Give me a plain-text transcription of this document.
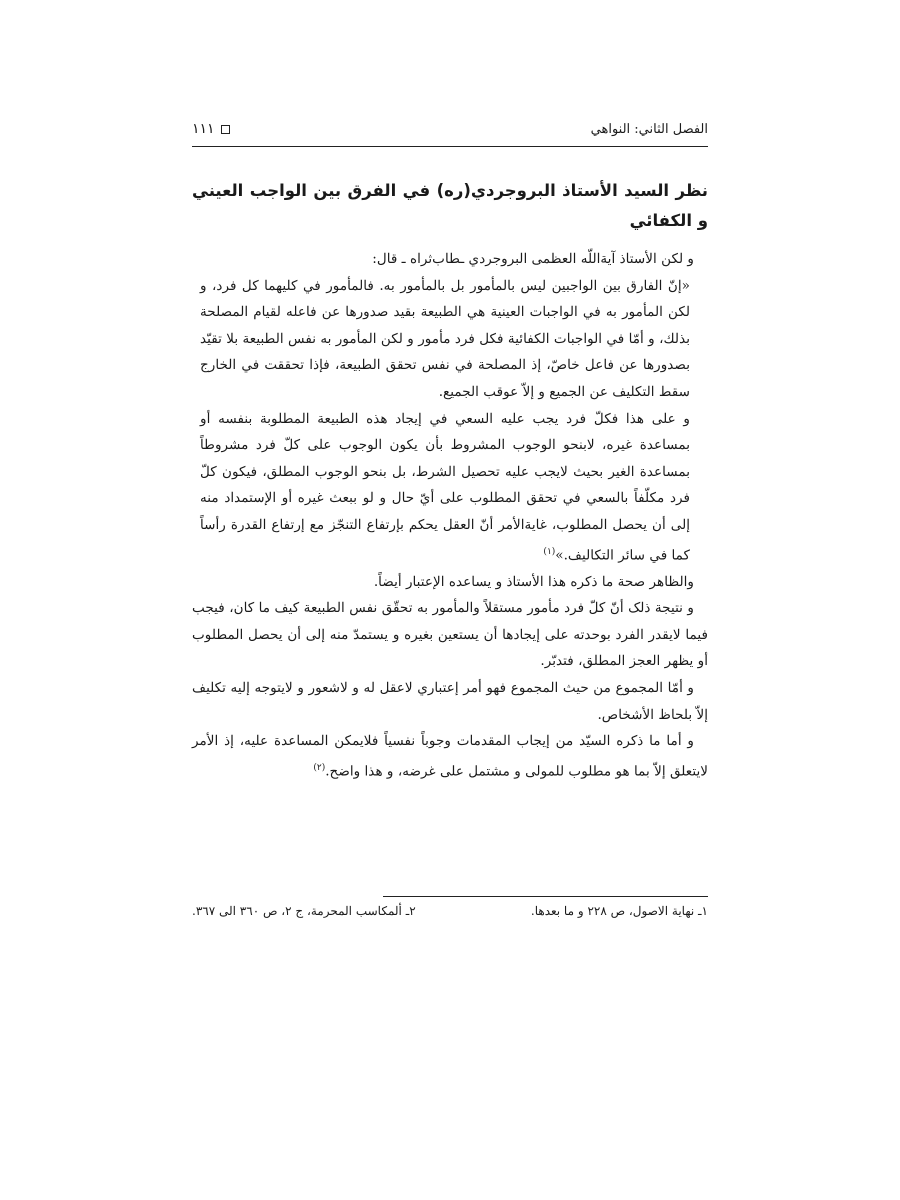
الفصل الثاني: النواهي
١١١
نظر السيد الأستاذ البروجردي(ره) في الفرق بين الواجب العيني و الكفائي

و لكن الأستاذ آيةاللّه العظمى البروجردي ـطاب‌ثراه ـ قال:

«إنّ الفارق بين الواجبين ليس بالمأمور بل بالمأمور به. فالمأمور في كليهما كل فرد، و لكن المأمور به في الواجبات العينية هي الطبيعة بقيد صدورها عن فاعله لقيام المصلحة بذلك، و أمّا في الواجبات الكفائية فكل فرد مأمور و لكن المأمور به نفس الطبيعة بلا تقيّد بصدورها عن فاعل خاصّ، إذ المصلحة في نفس تحقق الطبيعة، فإذا تحققت في الخارج سقط التكليف عن الجميع و إلاّ عوقب الجميع.

و على هذا فكلّ فرد يجب عليه السعي في إيجاد هذه الطبيعة المطلوبة بنفسه أو بمساعدة غيره، لابنحو الوجوب المشروط بأن يكون الوجوب على كلّ فرد مشروطاً بمساعدة الغير بحيث لايجب عليه تحصيل الشرط، بل بنحو الوجوب المطلق، فيكون كلّ فرد مكلّفاً بالسعي في تحقق المطلوب على أيّ حال و لو ببعث غيره أو الإستمداد منه إلى أن يحصل المطلوب، غايةالأمر أنّ العقل يحكم بإرتفاع التنجّز مع إرتفاع القدرة رأساً كما في سائر التكاليف.»$^{(١)}$

والظاهر صحة ما ذكره هذا الأستاذ و يساعده الإعتبار أيضاً.

و نتيجة ذلک أنّ كلّ فرد مأمور مستقلاً والمأمور به تحقّق نفس الطبيعة كيف ما كان، فيجب فيما لايقدر الفرد بوحدته على إيجادها أن يستعين بغيره و يستمدّ منه إلى أن يحصل المطلوب أو يظهر العجز المطلق، فتدبّر.

و أمّا المجموع من حيث المجموع فهو أمر إعتباري لاعقل له و لاشعور و لايتوجه إليه تكليف إلاّ بلحاظ الأشخاص.

و أما ما ذكره السيّد من إيجاب المقدمات وجوباً نفسياً فلايمكن المساعدة عليه، إذ الأمر لايتعلق إلاّ بما هو مطلوب للمولى و مشتمل على غرضه، و هذا واضح.$^{(٢)}$

١ـ نهاية الاصول، ص ٢٢٨ و ما بعدها.
٢ـ ألمكاسب المحرمة، ج ٢، ص ٣٦٠ الى ٣٦٧.
